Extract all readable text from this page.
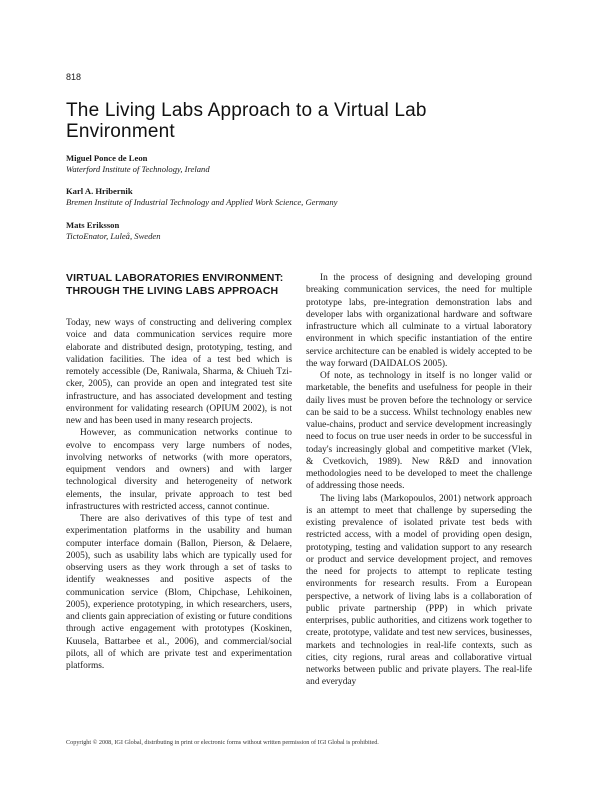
818
The Living Labs Approach to a Virtual Lab Environment
Miguel Ponce de Leon
Waterford Institute of Technology, Ireland
Karl A. Hribernik
Bremen Institute of Industrial Technology and Applied Work Science, Germany
Mats Eriksson
TictoEnator, Luleå, Sweden
VIRTUAL LABORATORIES ENVIRONMENT: THROUGH THE LIVING LABS APPROACH

Today, new ways of constructing and delivering complex voice and data communication services require more elaborate and distributed design, prototyping, testing, and validation facilities. The idea of a test bed which is remotely accessible (De, Raniwala, Sharma, & Chiueh Tzi-cker, 2005), can provide an open and integrated test site infrastructure, and has associated development and testing environment for validating research (OPIUM 2002), is not new and has been used in many research projects.

However, as communication networks continue to evolve to encompass very large numbers of nodes, involving networks of networks (with more operators, equipment vendors and owners) and with larger technological diversity and heterogeneity of network elements, the insular, private approach to test bed infrastructures with restricted access, cannot continue.

There are also derivatives of this type of test and experimentation platforms in the usability and human computer interface domain (Ballon, Pierson, & Delaere, 2005), such as usability labs which are typically used for observing users as they work through a set of tasks to identify weaknesses and positive aspects of the communication service (Blom, Chipchase, Lehikoinen, 2005), experience prototyping, in which researchers, users, and clients gain appreciation of existing or future conditions through active engagement with prototypes (Koskinen, Kuusela, Battarbee et al., 2006), and commercial/social pilots, all of which are private test and experimentation platforms.

In the process of designing and developing ground breaking communication services, the need for multiple prototype labs, pre-integration demonstration labs and developer labs with organizational hardware and software infrastructure which all culminate to a virtual laboratory environment in which specific instantiation of the entire service architecture can be enabled is widely accepted to be the way forward (DAIDALOS 2005).

Of note, as technology in itself is no longer valid or marketable, the benefits and usefulness for people in their daily lives must be proven before the technology or service can be said to be a success. Whilst technology enables new value-chains, product and service development increasingly need to focus on true user needs in order to be successful in today's increasingly global and competitive market (Vlek, & Cvetkovich, 1989). New R&D and innovation methodologies need to be developed to meet the challenge of addressing those needs.

The living labs (Markopoulos, 2001) network approach is an attempt to meet that challenge by superseding the existing prevalence of isolated private test beds with restricted access, with a model of providing open design, prototyping, testing and validation support to any research or product and service development project, and removes the need for projects to attempt to replicate testing environments for research results. From a European perspective, a network of living labs is a collaboration of public private partnership (PPP) in which private enterprises, public authorities, and citizens work together to create, prototype, validate and test new services, businesses, markets and technologies in real-life contexts, such as cities, city regions, rural areas and collaborative virtual networks between public and private players. The real-life and everyday

Copyright © 2008, IGI Global, distributing in print or electronic forms without written permission of IGI Global is prohibited.
